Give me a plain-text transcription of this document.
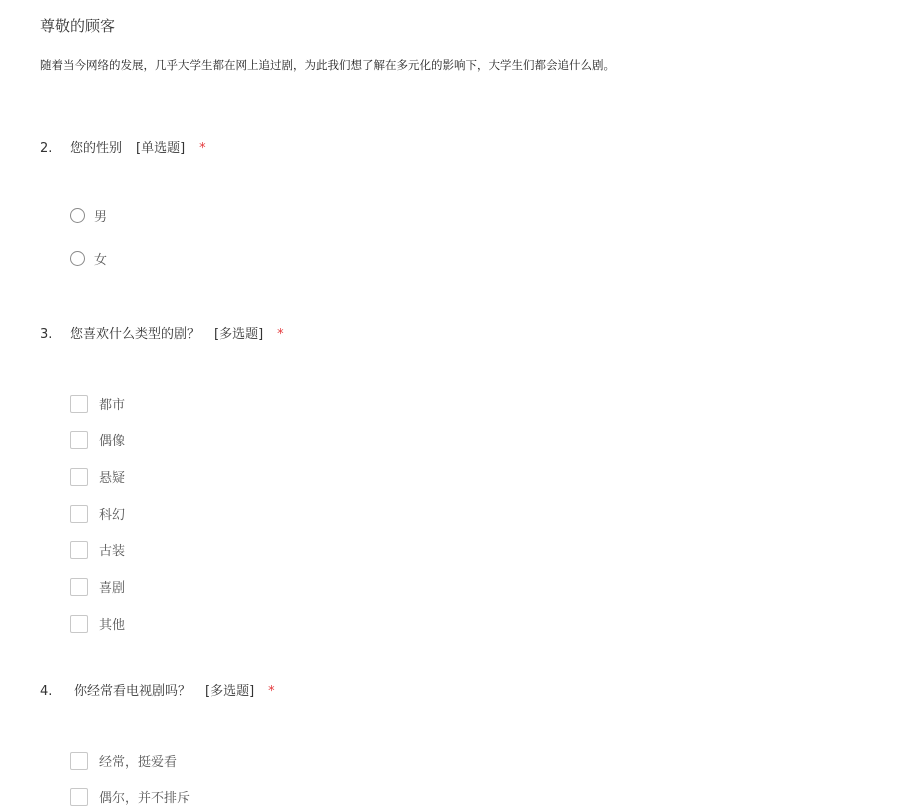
尊敬的顾客
随着当今网络的发展，几乎大学生都在网上追过剧，为此我们想了解在多元化的影响下，大学生们都会追什么剧。
2.	您的性别 [单选题] *
男
女
3.	您喜欢什么类型的剧？ [多选题] *
都市
偶像
悬疑
科幻
古装
喜剧
其他
4.	你经常看电视剧吗？ [多选题] *
经常，挺爱看
偶尔，并不排斥
